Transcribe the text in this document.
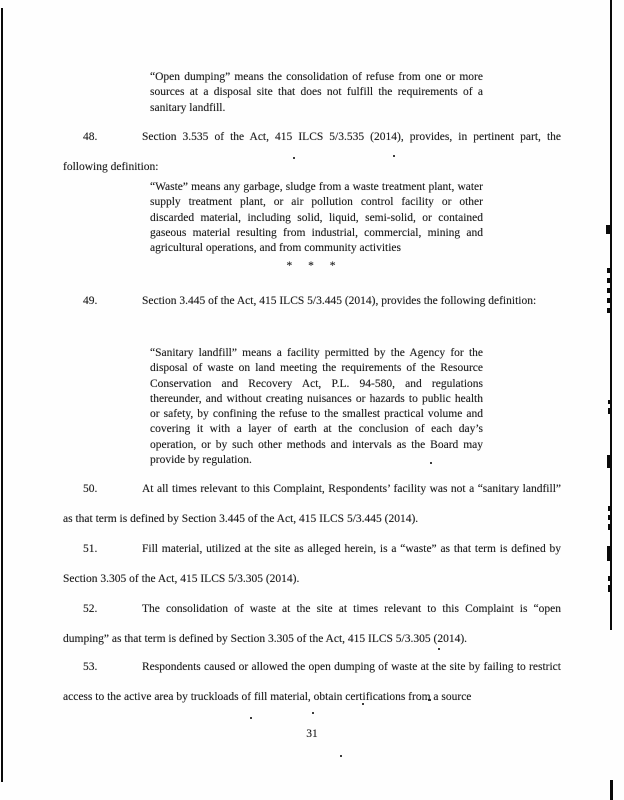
“Open dumping” means the consolidation of refuse from one or more sources at a disposal site that does not fulfill the requirements of a sanitary landfill.
48.	Section 3.535 of the Act, 415 ILCS 5/3.535 (2014), provides, in pertinent part, the following definition:
“Waste” means any garbage, sludge from a waste treatment plant, water supply treatment plant, or air pollution control facility or other discarded material, including solid, liquid, semi-solid, or contained gaseous material resulting from industrial, commercial, mining and agricultural operations, and from community activities
* * *
49.	Section 3.445 of the Act, 415 ILCS 5/3.445 (2014), provides the following definition:
“Sanitary landfill” means a facility permitted by the Agency for the disposal of waste on land meeting the requirements of the Resource Conservation and Recovery Act, P.L. 94-580, and regulations thereunder, and without creating nuisances or hazards to public health or safety, by confining the refuse to the smallest practical volume and covering it with a layer of earth at the conclusion of each day’s operation, or by such other methods and intervals as the Board may provide by regulation.
50.	At all times relevant to this Complaint, Respondents’ facility was not a “sanitary landfill” as that term is defined by Section 3.445 of the Act, 415 ILCS 5/3.445 (2014).
51.	Fill material, utilized at the site as alleged herein, is a “waste” as that term is defined by Section 3.305 of the Act, 415 ILCS 5/3.305 (2014).
52.	The consolidation of waste at the site at times relevant to this Complaint is “open dumping” as that term is defined by Section 3.305 of the Act, 415 ILCS 5/3.305 (2014).
53.	Respondents caused or allowed the open dumping of waste at the site by failing to restrict access to the active area by truckloads of fill material, obtain certifications from a source
31
